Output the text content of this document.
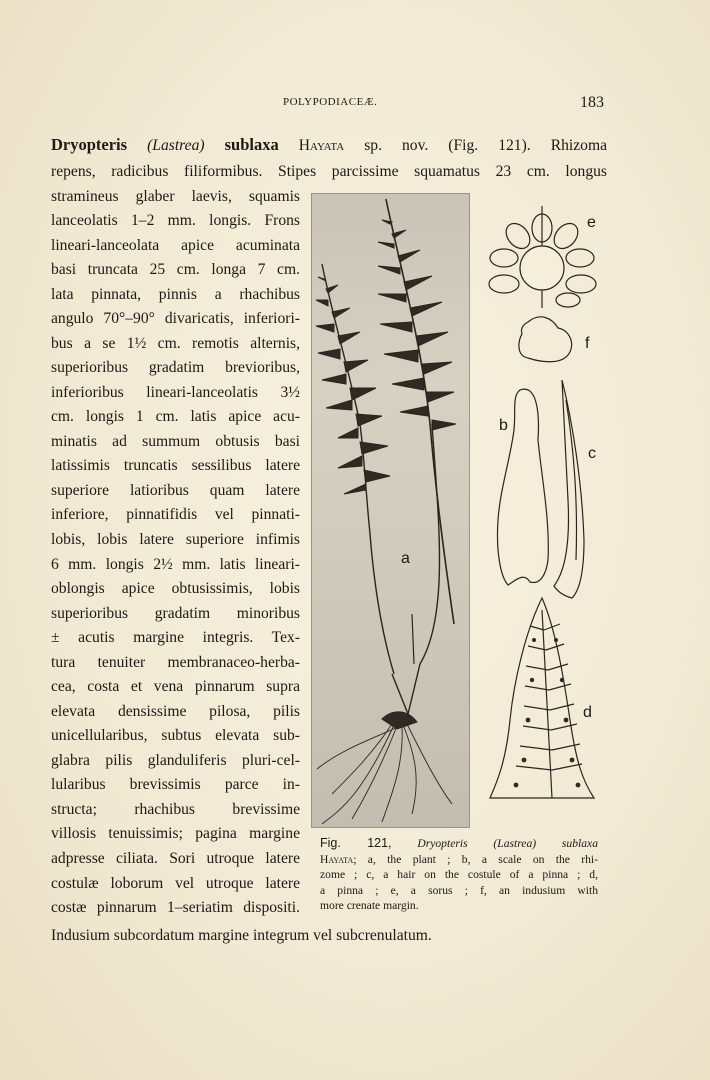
POLYPODIACEÆ.	183
Dryopteris (Lastrea) sublaxa Hayata sp. nov. (Fig. 121). Rhizoma
repens, radicibus filiformibus. Stipes parcissime squamatus 23 cm. longus
stramineus glaber laevis, squamis
lanceolatis 1–2 mm. longis. Frons
lineari-lanceolata apice acuminata
basi truncata 25 cm. longa 7 cm.
lata pinnata, pinnis a rhachibus
angulo 70°–90° divaricatis, inferiori-
bus a se 1½ cm. remotis alternis,
superioribus gradatim brevioribus,
inferioribus lineari-lanceolatis 3½
cm. longis 1 cm. latis apice acu-
minatis ad summum obtusis basi
latissimis truncatis sessilibus latere
superiore latioribus quam latere
inferiore, pinnatifidis vel pinnati-
lobis, lobis latere superiore infimis
6 mm. longis 2½ mm. latis lineari-
oblongis apice obtusissimis, lobis
superioribus gradatim minoribus
± acutis margine integris. Tex-
tura tenuiter membranaceo-herba-
cea, costa et vena pinnarum supra
elevata densissime pilosa, pilis
unicellularibus, subtus elevata sub-
glabra pilis glanduliferis pluri-cel-
lularibus brevissimis parce in-
structa; rhachibus brevissime
villosis tenuissimis; pagina margine
adpresse ciliata. Sori utroque latere
costulæ loborum vel utroque latere
costæ pinnarum 1–seriatim dispositi.
Indusium subcordatum margine integrum vel subcrenulatum.
a
e
f
b
c
d
Fig. 121, Dryopteris (Lastrea) sublaxa
Hayata; a, the plant ; b, a scale on the rhi-
zome ; c, a hair on the costule of a pinna ; d,
a pinna ; e, a sorus ; f, an indusium with
more crenate margin.
